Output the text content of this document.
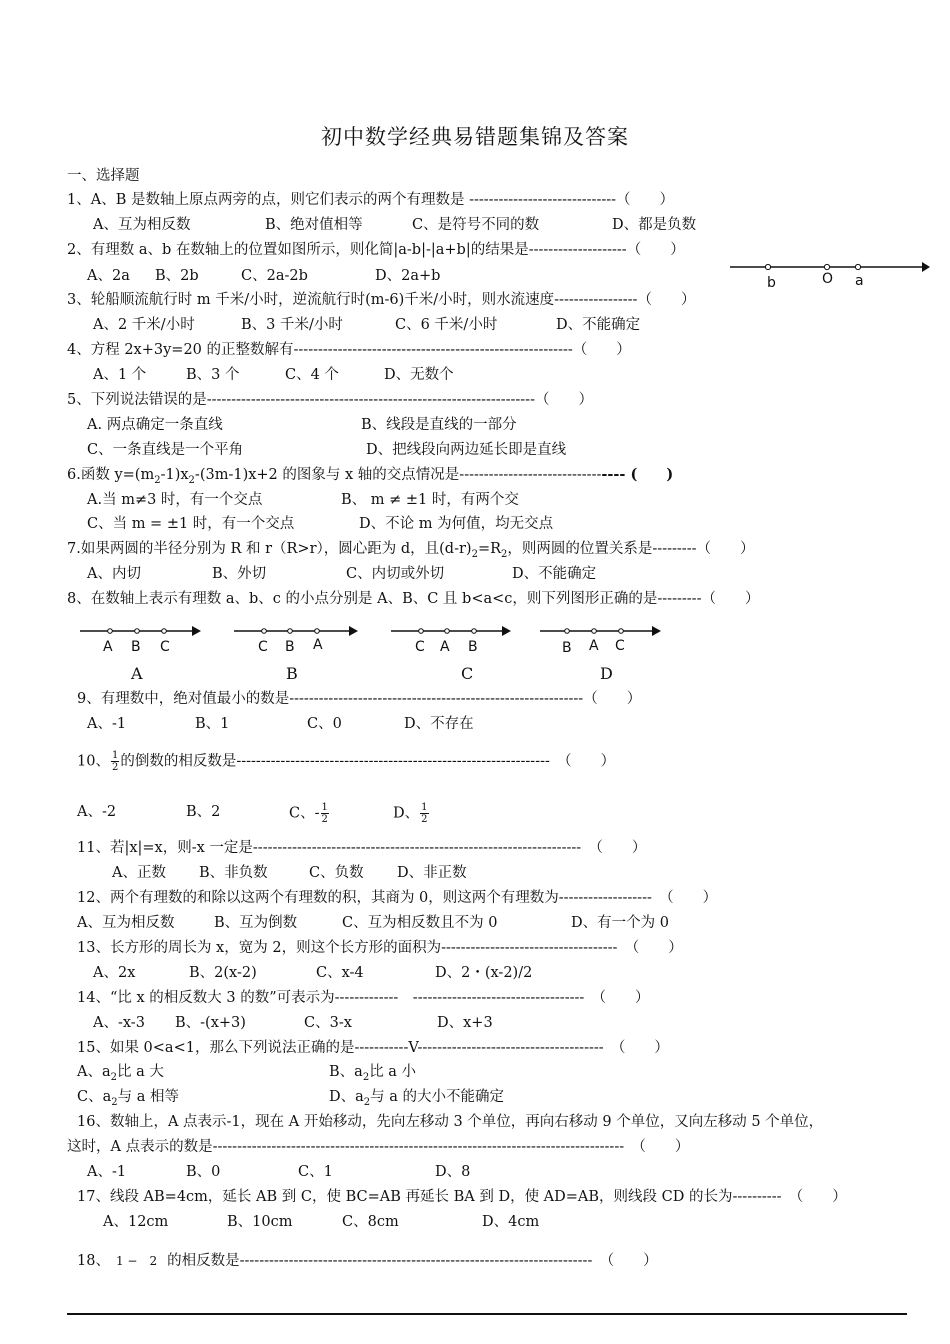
初中数学经典易错题集锦及答案
一、选择题
1、A、B 是数轴上原点两旁的点，则它们表示的两个有理数是 ------------------------------（　　）
A、互为相反数	B、绝对值相等	C、是符号不同的数	D、都是负数
2、有理数 a、b 在数轴上的位置如图所示，则化简|a-b|-|a+b|的结果是--------------------（　　）
A、2a B、2b	C、2a-2b	D、2a+b	b	O a
3、轮船顺流航行时 m 千米/小时，逆流航行时(m-6)千米/小时，则水流速度-----------------（　　）
A、2 千米/小时	B、3 千米/小时	C、6 千米/小时	D、不能确定
4、方程 2x+3y=20 的正整数解有---------------------------------------------------------（　　）
A、1 个	B、3 个	C、4 个	D、无数个
5、下列说法错误的是-------------------------------------------------------------------（　　）
A. 两点确定一条直线	B、线段是直线的一部分
C、一条直线是一个平角	D、把线段向两边延长即是直线
6.函数 $y=(m_2-1)x_2-(3m-1)x+2$ 的图象与 x 轴的交点情况是--------------------------------- (　　)
A.当 m≠3 时，有一个交点	B、 m ≠ ±1 时，有两个交
C、当 m = ±1 时，有一个交点	D、不论 m 为何值，均无交点
7.如果两圆的半径分别为 R 和 r（R>r），圆心距为 d，且$(d-r)_2=R_2$，则两圆的位置关系是---------（　　）
A、内切	B、外切	C、内切或外切	D、不能确定
8、在数轴上表示有理数 a、b、c 的小点分别是 A、B、C 且 b<a<c，则下列图形正确的是---------（　　）
A B C
A
C B A
B
C A B
C
B A C
D
9、有理数中，绝对值最小的数是------------------------------------------------------------（　　）
A、-1	B、1	C、0	D、不存在
10、 $\frac{1}{2}$ 的倒数的相反数是----------------------------------------------------------------　（　　）
A、-2	B、2	C、- $\frac{1}{2}$	D、 $\frac{1}{2}$
11、若|x|=x，则-x 一定是-------------------------------------------------------------------　（　　）
A、正数 B、非负数	C、负数 D、非正数
12、两个有理数的和除以这两个有理数的积，其商为 0，则这两个有理数为-------------------　（　　）
A、互为相反数	B、互为倒数	C、互为相反数且不为 0	D、有一个为 0
13、长方形的周长为 x，宽为 2，则这个长方形的面积为------------------------------------　（　　）
A、2x	B、2(x-2)	C、x-4	D、2・(x-2)/2
14、“比 x 的相反数大 3 的数”可表示为-------------　-----------------------------------　（　　）
A、-x-3 B、-(x+3)	C、3-x	D、x+3
15、如果 0<a<1，那么下列说法正确的是-----------V--------------------------------------　（　　）
A、$a_2$比 a 大	B、$a_2$比 a 小
C、$a_2$与 a 相等	D、$a_2$与 a 的大小不能确定
16、数轴上，A 点表示-1，现在 A 开始移动，先向左移动 3 个单位，再向右移动 9 个单位，又向左移动 5 个单位，
这时，A 点表示的数是------------------------------------------------------------------------------------　（　　）
A、-1	B、0	C、1	D、8
17、线段 AB=4cm，延长 AB 到 C，使 BC=AB 再延长 BA 到 D，使 AD=AB，则线段 CD 的长为----------　（　　）
A、12cm	B、10cm	C、8cm	D、4cm
18、 1 −　2 的相反数是------------------------------------------------------------------------　（　　）
